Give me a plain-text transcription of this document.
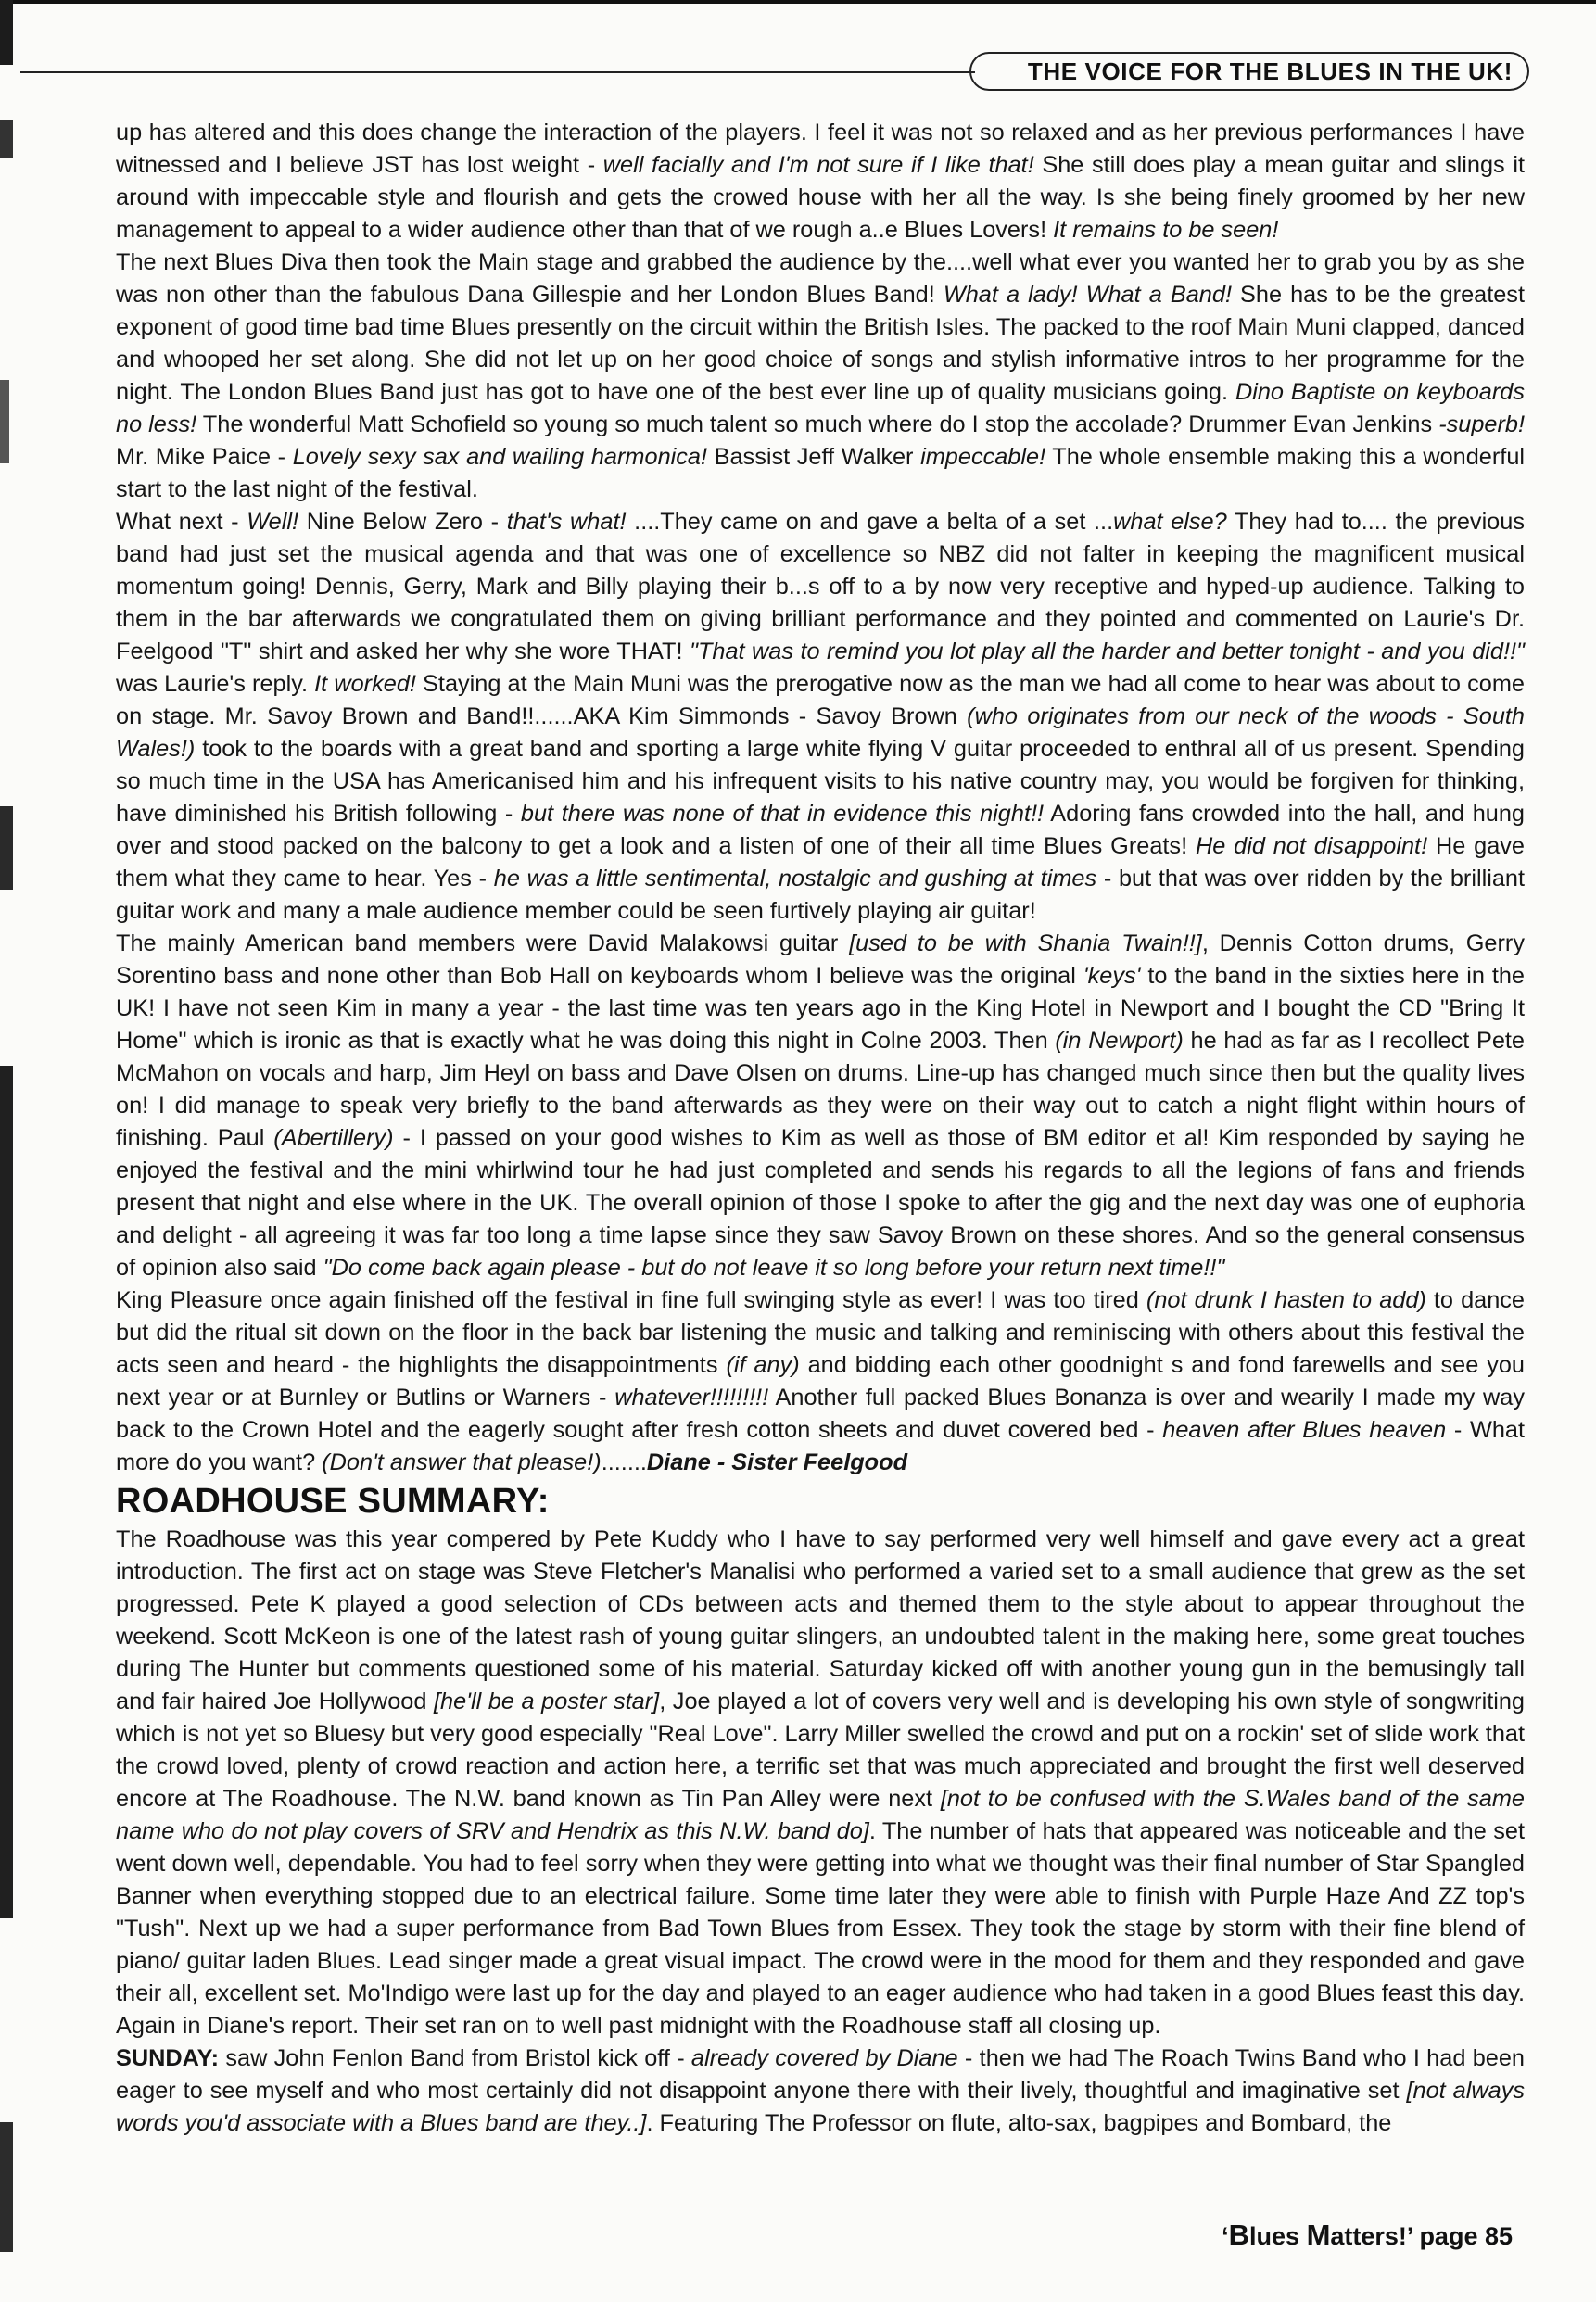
THE VOICE FOR THE BLUES IN THE UK!

up has altered and this does change the interaction of the players. I feel it was not so relaxed and as her previous performances I have witnessed and I believe JST has lost weight - well facially and I'm not sure if I like that! She still does play a mean guitar and slings it around with impeccable style and flourish and gets the crowed house with her all the way. Is she being finely groomed by her new management to appeal to a wider audience other than that of we rough a..e Blues Lovers! It remains to be seen!

The next Blues Diva then took the Main stage and grabbed the audience by the....well what ever you wanted her to grab you by as she was non other than the fabulous Dana Gillespie and her London Blues Band! What a lady! What a Band! She has to be the greatest exponent of good time bad time Blues presently on the circuit within the British Isles. The packed to the roof Main Muni clapped, danced and whooped her set along. She did not let up on her good choice of songs and stylish informative intros to her programme for the night. The London Blues Band just has got to have one of the best ever line up of quality musicians going. Dino Baptiste on keyboards no less! The wonderful Matt Schofield so young so much talent so much where do I stop the accolade? Drummer Evan Jenkins -superb! Mr. Mike Paice - Lovely sexy sax and wailing harmonica! Bassist Jeff Walker impeccable! The whole ensemble making this a wonderful start to the last night of the festival.

What next - Well! Nine Below Zero - that's what! ....They came on and gave a belta of a set ...what else? They had to.... the previous band had just set the musical agenda and that was one of excellence so NBZ did not falter in keeping the magnificent musical momentum going! Dennis, Gerry, Mark and Billy playing their b...s off to a by now very receptive and hyped-up audience. Talking to them in the bar afterwards we congratulated them on giving brilliant performance and they pointed and commented on Laurie's Dr. Feelgood "T" shirt and asked her why she wore THAT! "That was to remind you lot play all the harder and better tonight - and you did!!" was Laurie's reply. It worked! Staying at the Main Muni was the prerogative now as the man we had all come to hear was about to come on stage. Mr. Savoy Brown and Band!!......AKA Kim Simmonds - Savoy Brown (who originates from our neck of the woods - South Wales!) took to the boards with a great band and sporting a large white flying V guitar proceeded to enthral all of us present. Spending so much time in the USA has Americanised him and his infrequent visits to his native country may, you would be forgiven for thinking, have diminished his British following - but there was none of that in evidence this night!! Adoring fans crowded into the hall, and hung over and stood packed on the balcony to get a look and a listen of one of their all time Blues Greats! He did not disappoint! He gave them what they came to hear. Yes - he was a little sentimental, nostalgic and gushing at times - but that was over ridden by the brilliant guitar work and many a male audience member could be seen furtively playing air guitar!

The mainly American band members were David Malakowsi guitar [used to be with Shania Twain!!], Dennis Cotton drums, Gerry Sorentino bass and none other than Bob Hall on keyboards whom I believe was the original 'keys' to the band in the sixties here in the UK! I have not seen Kim in many a year - the last time was ten years ago in the King Hotel in Newport and I bought the CD "Bring It Home" which is ironic as that is exactly what he was doing this night in Colne 2003. Then (in Newport) he had as far as I recollect Pete McMahon on vocals and harp, Jim Heyl on bass and Dave Olsen on drums. Line-up has changed much since then but the quality lives on! I did manage to speak very briefly to the band afterwards as they were on their way out to catch a night flight within hours of finishing. Paul (Abertillery) - I passed on your good wishes to Kim as well as those of BM editor et al! Kim responded by saying he enjoyed the festival and the mini whirlwind tour he had just completed and sends his regards to all the legions of fans and friends present that night and else where in the UK. The overall opinion of those I spoke to after the gig and the next day was one of euphoria and delight - all agreeing it was far too long a time lapse since they saw Savoy Brown on these shores. And so the general consensus of opinion also said "Do come back again please - but do not leave it so long before your return next time!!"

King Pleasure once again finished off the festival in fine full swinging style as ever! I was too tired (not drunk I hasten to add) to dance but did the ritual sit down on the floor in the back bar listening the music and talking and reminiscing with others about this festival the acts seen and heard - the highlights the disappointments (if any) and bidding each other goodnight s and fond farewells and see you next year or at Burnley or Butlins or Warners - whatever!!!!!!!!! Another full packed Blues Bonanza is over and wearily I made my way back to the Crown Hotel and the eagerly sought after fresh cotton sheets and duvet covered bed - heaven after Blues heaven - What more do you want? (Don't answer that please!).......Diane - Sister Feelgood

ROADHOUSE SUMMARY:

The Roadhouse was this year compered by Pete Kuddy who I have to say performed very well himself and gave every act a great introduction. The first act on stage was Steve Fletcher's Manalisi who performed a varied set to a small audience that grew as the set progressed. Pete K played a good selection of CDs between acts and themed them to the style about to appear throughout the weekend. Scott McKeon is one of the latest rash of young guitar slingers, an undoubted talent in the making here, some great touches during The Hunter but comments questioned some of his material. Saturday kicked off with another young gun in the bemusingly tall and fair haired Joe Hollywood [he'll be a poster star], Joe played a lot of covers very well and is developing his own style of songwriting which is not yet so Bluesy but very good especially "Real Love". Larry Miller swelled the crowd and put on a rockin' set of slide work that the crowd loved, plenty of crowd reaction and action here, a terrific set that was much appreciated and brought the first well deserved encore at The Roadhouse. The N.W. band known as Tin Pan Alley were next [not to be confused with the S.Wales band of the same name who do not play covers of SRV and Hendrix as this N.W. band do]. The number of hats that appeared was noticeable and the set went down well, dependable. You had to feel sorry when they were getting into what we thought was their final number of Star Spangled Banner when everything stopped due to an electrical failure. Some time later they were able to finish with Purple Haze And ZZ top's "Tush". Next up we had a super performance from Bad Town Blues from Essex. They took the stage by storm with their fine blend of piano/ guitar laden Blues. Lead singer made a great visual impact. The crowd were in the mood for them and they responded and gave their all, excellent set. Mo'Indigo were last up for the day and played to an eager audience who had taken in a good Blues feast this day. Again in Diane's report. Their set ran on to well past midnight with the Roadhouse staff all closing up.

SUNDAY: saw John Fenlon Band from Bristol kick off - already covered by Diane - then we had The Roach Twins Band who I had been eager to see myself and who most certainly did not disappoint anyone there with their lively, thoughtful and imaginative set [not always words you'd associate with a Blues band are they..]. Featuring The Professor on flute, alto-sax, bagpipes and Bombard, the

‘Blues Matters!’ page 85
